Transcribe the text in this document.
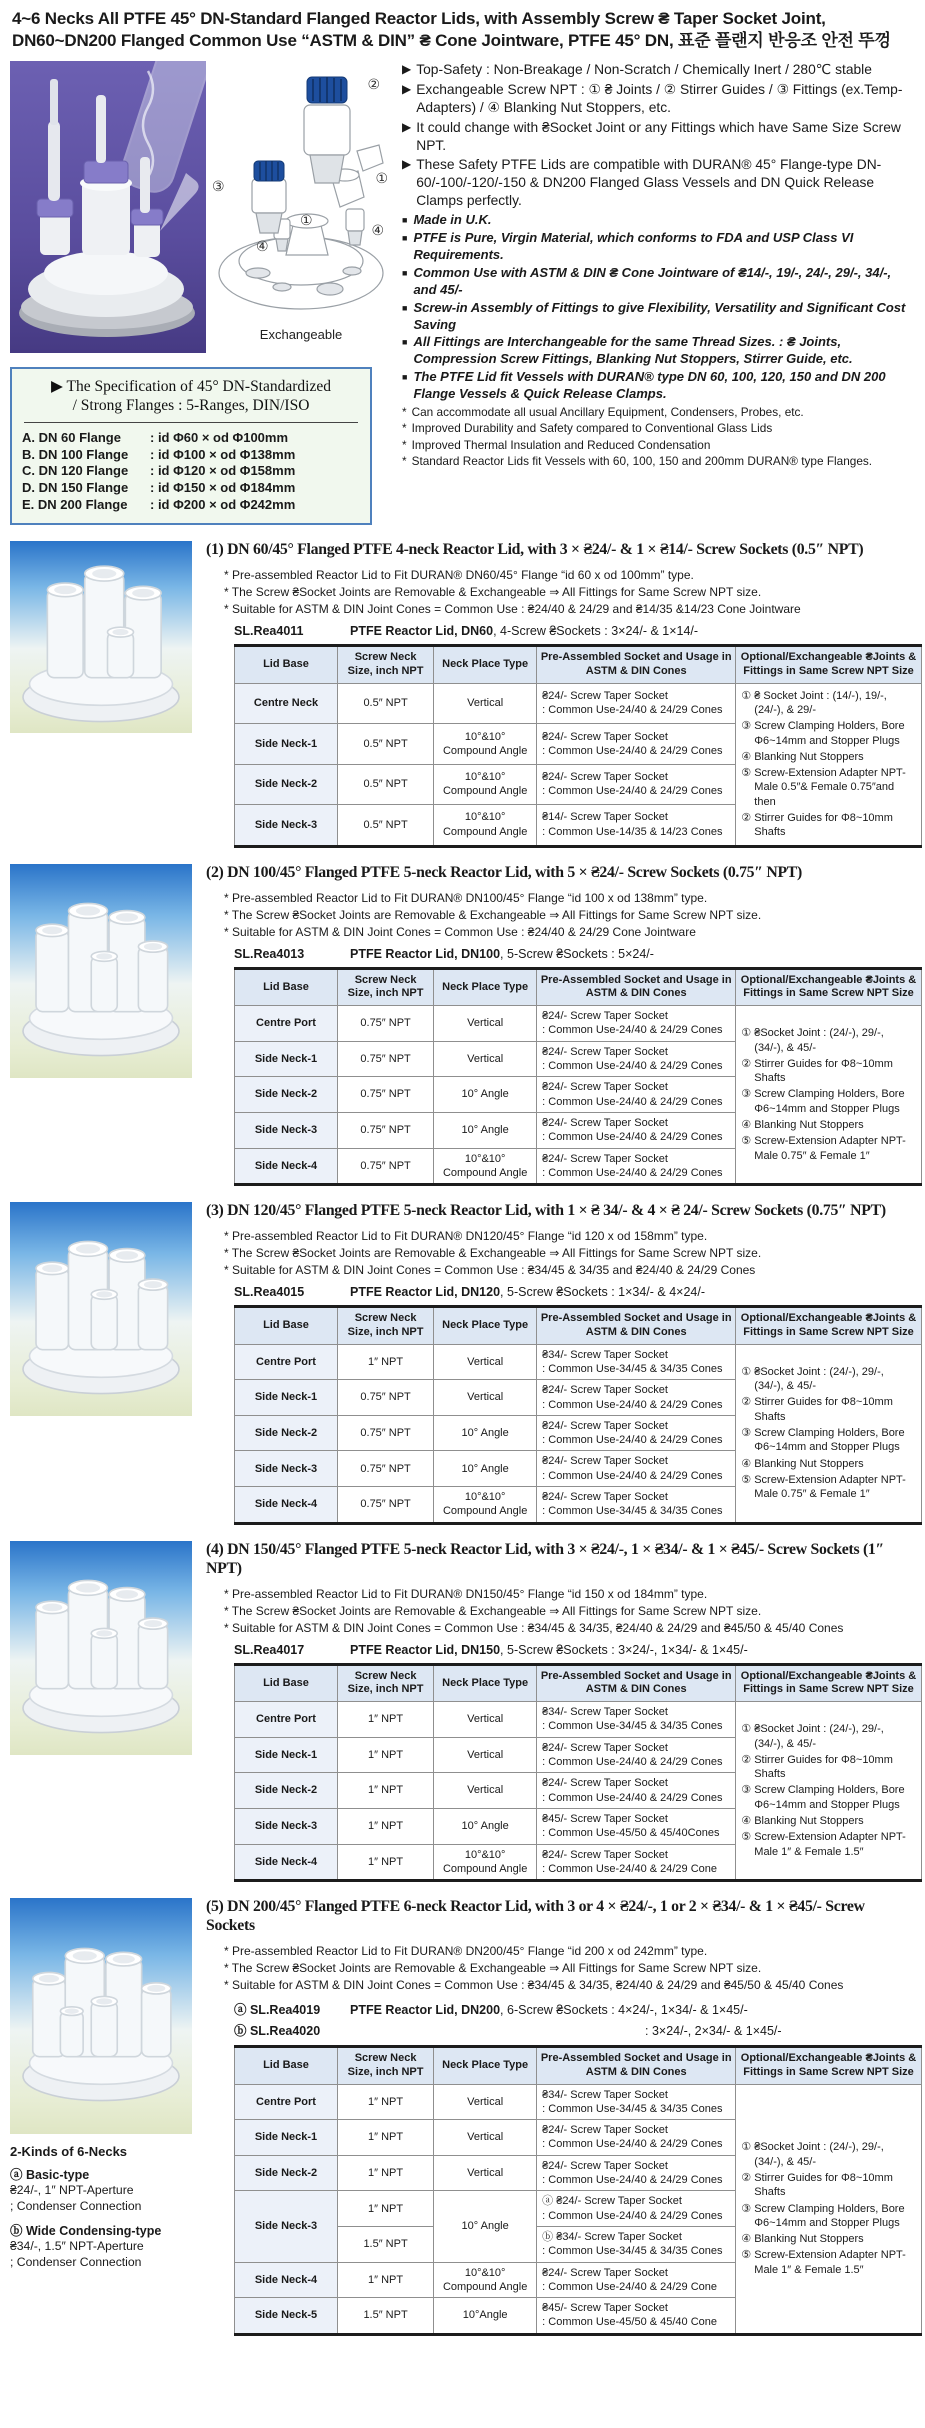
4~6 Necks All PTFE 45° DN-Standard Flanged Reactor Lids, with Assembly Screw ₴ Taper Socket Joint, DN60~DN200 Flanged Common Use “ASTM & DIN” ₴ Cone Jointware, PTFE 45° DN, 표준 플랜지 반응조 안전 뚜껑
②
③	①
①
④
④
Exchangeable
▶ The Specification of 45° DN-Standardized
/ Strong Flanges : 5-Ranges, DIN/ISO
A. DN 60 Flange	: id Φ60 × od Φ100mm
B. DN 100 Flange	: id Φ100 × od Φ138mm
C. DN 120 Flange	: id Φ120 × od Φ158mm
D. DN 150 Flange	: id Φ150 × od Φ184mm
E. DN 200 Flange	: id Φ200 × od Φ242mm
▶ Top-Safety : Non-Breakage / Non-Scratch / Chemically Inert / 280℃ stable
▶ Exchangeable Screw NPT : ① ₴ Joints / ② Stirrer Guides / ③ Fittings (ex.Temp-Adapters) / ④ Blanking Nut Stoppers, etc.
▶ It could change with ₴Socket Joint or any Fittings which have Same Size Screw NPT.
▶ These Safety PTFE Lids are compatible with DURAN® 45° Flange-type DN-60/-100/-120/-150 & DN200 Flanged Glass Vessels and DN Quick Release Clamps perfectly.
■ Made in U.K.
■ PTFE is Pure, Virgin Material, which conforms to FDA and USP Class VI Requirements.
■ Common Use with ASTM & DIN ₴ Cone Jointware of ₴14/-, 19/-, 24/-, 29/-, 34/-, and 45/-
■ Screw-in Assembly of Fittings to give Flexibility, Versatility and Significant Cost Saving
■ All Fittings are Interchangeable for the same Thread Sizes. : ₴ Joints, Compression Screw Fittings, Blanking Nut Stoppers, Stirrer Guide, etc.
■ The PTFE Lid fit Vessels with DURAN® type DN 60, 100, 120, 150 and DN 200 Flange Vessels & Quick Release Clamps.
* Can accommodate all usual Ancillary Equipment, Condensers, Probes, etc.
* Improved Durability and Safety compared to Conventional Glass Lids
* Improved Thermal Insulation and Reduced Condensation
* Standard Reactor Lids fit Vessels with 60, 100, 150 and 200mm DURAN® type Flanges.
(1) DN 60/45° Flanged PTFE 4-neck Reactor Lid, with 3 × ₴24/- & 1 × ₴14/- Screw Sockets (0.5″ NPT)
* Pre-assembled Reactor Lid to Fit DURAN® DN60/45° Flange “id 60 x od 100mm” type.
* The Screw ₴Socket Joints are Removable & Exchangeable ⇒ All Fittings for Same Screw NPT size.
* Suitable for ASTM & DIN Joint Cones = Common Use : ₴24/40 & 24/29 and ₴14/35 &14/23 Cone Jointware
SL.Rea4011	PTFE Reactor Lid, DN60, 4-Screw ₴Sockets : 3×24/- & 1×14/-
Lid Base	Screw Neck Size, inch NPT	Neck Place Type	Pre-Assembled Socket and Usage in ASTM & DIN Cones	Optional/Exchangeable ₴Joints & Fittings in Same Screw NPT Size
Centre Neck	0.5″ NPT	Vertical	
₴24/- Screw Taper Socket
: Common Use-24/40 & 24/29 Cones

① ₴ Socket Joint : (14/-), 19/-, (24/-), & 29/-
③ Screw Clamping Holders, Bore Φ6~14mm and Stopper Plugs
④ Blanking Nut Stoppers
⑤ Screw-Extension Adapter NPT-Male 0.5″& Female 0.75″and then
② Stirrer Guides for Φ8~10mm Shafts

Side Neck-1	0.5″ NPT	10°&10° Compound Angle	₴24/- Screw Taper Socket
: Common Use-24/40 & 24/29 Cones	

Side Neck-2	0.5″ NPT	10°&10° Compound Angle	₴24/- Screw Taper Socket
: Common Use-24/40 & 24/29 Cones	

Side Neck-3	0.5″ NPT	10°&10° Compound Angle	₴14/- Screw Taper Socket
: Common Use-14/35 & 14/23 Cones	
(2) DN 100/45° Flanged PTFE 5-neck Reactor Lid, with 5 × ₴24/- Screw Sockets (0.75″ NPT)
* Pre-assembled Reactor Lid to Fit DURAN® DN100/45° Flange “id 100 x od 138mm” type.
* The Screw ₴Socket Joints are Removable & Exchangeable ⇒ All Fittings for Same Screw NPT size.
* Suitable for ASTM & DIN Joint Cones = Common Use : ₴24/40 & 24/29 Cone Jointware
SL.Rea4013	PTFE Reactor Lid, DN100, 5-Screw ₴Sockets : 5×24/-
Lid Base	Screw Neck Size, inch NPT	Neck Place Type	Pre-Assembled Socket and Usage in ASTM & DIN Cones	Optional/Exchangeable ₴Joints & Fittings in Same Screw NPT Size
Centre Port	0.75″ NPT	Vertical	
₴24/- Screw Taper Socket
: Common Use-24/40 & 24/29 Cones	① ₴Socket Joint : (24/-), 29/-, (34/-), & 45/-
② Stirrer Guides for Φ8~10mm Shafts
③ Screw Clamping Holders, Bore Φ6~14mm and Stopper Plugs
④ Blanking Nut Stoppers
⑤ Screw-Extension Adapter NPT-Male 0.75″ & Female 1″

Side Neck-1	0.75″ NPT	Vertical	₴24/- Screw Taper Socket
: Common Use-24/40 & 24/29 Cones	

Side Neck-2	0.75″ NPT	10° Angle	₴24/- Screw Taper Socket
: Common Use-24/40 & 24/29 Cones	

Side Neck-3	0.75″ NPT	10° Angle	₴24/- Screw Taper Socket
: Common Use-24/40 & 24/29 Cones	

Side Neck-4	0.75″ NPT	10°&10° Compound Angle	₴24/- Screw Taper Socket
: Common Use-24/40 & 24/29 Cones	
(3) DN 120/45° Flanged PTFE 5-neck Reactor Lid, with 1 × ₴ 34/- & 4 × ₴ 24/- Screw Sockets (0.75″ NPT)
* Pre-assembled Reactor Lid to Fit DURAN® DN120/45° Flange “id 120 x od 158mm” type.
* The Screw ₴Socket Joints are Removable & Exchangeable ⇒ All Fittings for Same Screw NPT size.
* Suitable for ASTM & DIN Joint Cones = Common Use : ₴34/45 & 34/35 and ₴24/40 & 24/29 Cones
SL.Rea4015	PTFE Reactor Lid, DN120, 5-Screw ₴Sockets : 1×34/- & 4×24/-
Lid Base	Screw Neck Size, inch NPT	Neck Place Type	Pre-Assembled Socket and Usage in ASTM & DIN Cones	Optional/Exchangeable ₴Joints & Fittings in Same Screw NPT Size
Centre Port	1″ NPT	Vertical	
₴34/- Screw Taper Socket
: Common Use-34/45 & 34/35 Cones	① ₴Socket Joint : (24/-), 29/-, (34/-), & 45/-
② Stirrer Guides for Φ8~10mm Shafts
③ Screw Clamping Holders, Bore Φ6~14mm and Stopper Plugs
④ Blanking Nut Stoppers
⑤ Screw-Extension Adapter NPT-Male 0.75″ & Female 1″

Side Neck-1	0.75″ NPT	Vertical	₴24/- Screw Taper Socket
: Common Use-24/40 & 24/29 Cones	

Side Neck-2	0.75″ NPT	10° Angle	₴24/- Screw Taper Socket
: Common Use-24/40 & 24/29 Cones	

Side Neck-3	0.75″ NPT	10° Angle	₴24/- Screw Taper Socket
: Common Use-24/40 & 24/29 Cones	

Side Neck-4	0.75″ NPT	10°&10° Compound Angle	₴24/- Screw Taper Socket
: Common Use-34/45 & 34/35 Cones	
(4) DN 150/45° Flanged PTFE 5-neck Reactor Lid, with 3 × ₴24/-, 1 × ₴34/- & 1 × ₴45/- Screw Sockets (1″ NPT)
* Pre-assembled Reactor Lid to Fit DURAN® DN150/45° Flange “id 150 x od 184mm” type.
* The Screw ₴Socket Joints are Removable & Exchangeable ⇒ All Fittings for Same Screw NPT size.
* Suitable for ASTM & DIN Joint Cones = Common Use : ₴34/45 & 34/35, ₴24/40 & 24/29 and ₴45/50 & 45/40 Cones
SL.Rea4017	PTFE Reactor Lid, DN150, 5-Screw ₴Sockets : 3×24/-, 1×34/- & 1×45/-
Lid Base	Screw Neck Size, inch NPT	Neck Place Type	Pre-Assembled Socket and Usage in ASTM & DIN Cones	Optional/Exchangeable ₴Joints & Fittings in Same Screw NPT Size
Centre Port	1″ NPT	Vertical	
₴34/- Screw Taper Socket
: Common Use-34/45 & 34/35 Cones	① ₴Socket Joint : (24/-), 29/-, (34/-), & 45/-
② Stirrer Guides for Φ8~10mm Shafts
③ Screw Clamping Holders, Bore Φ6~14mm and Stopper Plugs
④ Blanking Nut Stoppers
⑤ Screw-Extension Adapter NPT-Male 1″ & Female 1.5″

Side Neck-1	1″ NPT	Vertical	₴24/- Screw Taper Socket
: Common Use-24/40 & 24/29 Cones	

Side Neck-2	1″ NPT	Vertical	₴24/- Screw Taper Socket
: Common Use-24/40 & 24/29 Cones	

Side Neck-3	1″ NPT	10° Angle	₴45/- Screw Taper Socket
: Common Use-45/50 & 45/40Cones	

Side Neck-4	1″ NPT	10°&10° Compound Angle	₴24/- Screw Taper Socket
: Common Use-24/40 & 24/29 Cone	
2-Kinds of 6-Necks
ⓐ Basic-type
₴24/-, 1″ NPT-Aperture
; Condenser Connection
ⓑ Wide Condensing-type
₴34/-, 1.5″ NPT-Aperture
; Condenser Connection
(5) DN 200/45° Flanged PTFE 6-neck Reactor Lid, with 3 or 4 × ₴24/-, 1 or 2 × ₴34/- & 1 × ₴45/- Screw Sockets
* Pre-assembled Reactor Lid to Fit DURAN® DN200/45° Flange “id 200 x od 242mm” type.
* The Screw ₴Socket Joints are Removable & Exchangeable ⇒ All Fittings for Same Screw NPT size.
* Suitable for ASTM & DIN Joint Cones = Common Use : ₴34/45 & 34/35, ₴24/40 & 24/29 and ₴45/50 & 45/40 Cones
ⓐ SL.Rea4019 PTFE Reactor Lid, DN200, 6-Screw ₴Sockets : 4×24/-, 1×34/- & 1×45/-
ⓑ SL.Rea4020	: 3×24/-, 2×34/- & 1×45/-
Lid Base	Screw Neck Size, inch NPT	Neck Place Type	Pre-Assembled Socket and Usage in ASTM & DIN Cones	Optional/Exchangeable ₴Joints & Fittings in Same Screw NPT Size
Centre Port	1″ NPT	Vertical	
₴34/- Screw Taper Socket
: Common Use-34/45 & 34/35 Cones

① ₴Socket Joint : (24/-), 29/-, (34/-), & 45/-
② Stirrer Guides for Φ8~10mm Shafts
③ Screw Clamping Holders, Bore Φ6~14mm and Stopper Plugs
④ Blanking Nut Stoppers
⑤ Screw-Extension Adapter NPT-Male 1″ & Female 1.5″

Side Neck-1	1″ NPT	Vertical	₴24/- Screw Taper Socket
: Common Use-24/40 & 24/29 Cones	

Side Neck-2	1″ NPT	Vertical	₴24/- Screw Taper Socket
: Common Use-24/40 & 24/29 Cones	

Side Neck-3	1″ NPT	10° Angle	ⓐ ₴24/- Screw Taper Socket
: Common Use-24/40 & 24/29 Cones	

	1.5″ NPT		ⓑ ₴34/- Screw Taper Socket
: Common Use-34/45 & 34/35 Cones	

Side Neck-4	1″ NPT	10°&10° Compound Angle	₴24/- Screw Taper Socket
: Common Use-24/40 & 24/29 Cone	

Side Neck-5	1.5″ NPT	10°Angle	₴45/- Screw Taper Socket
: Common Use-45/50 & 45/40 Cone	
